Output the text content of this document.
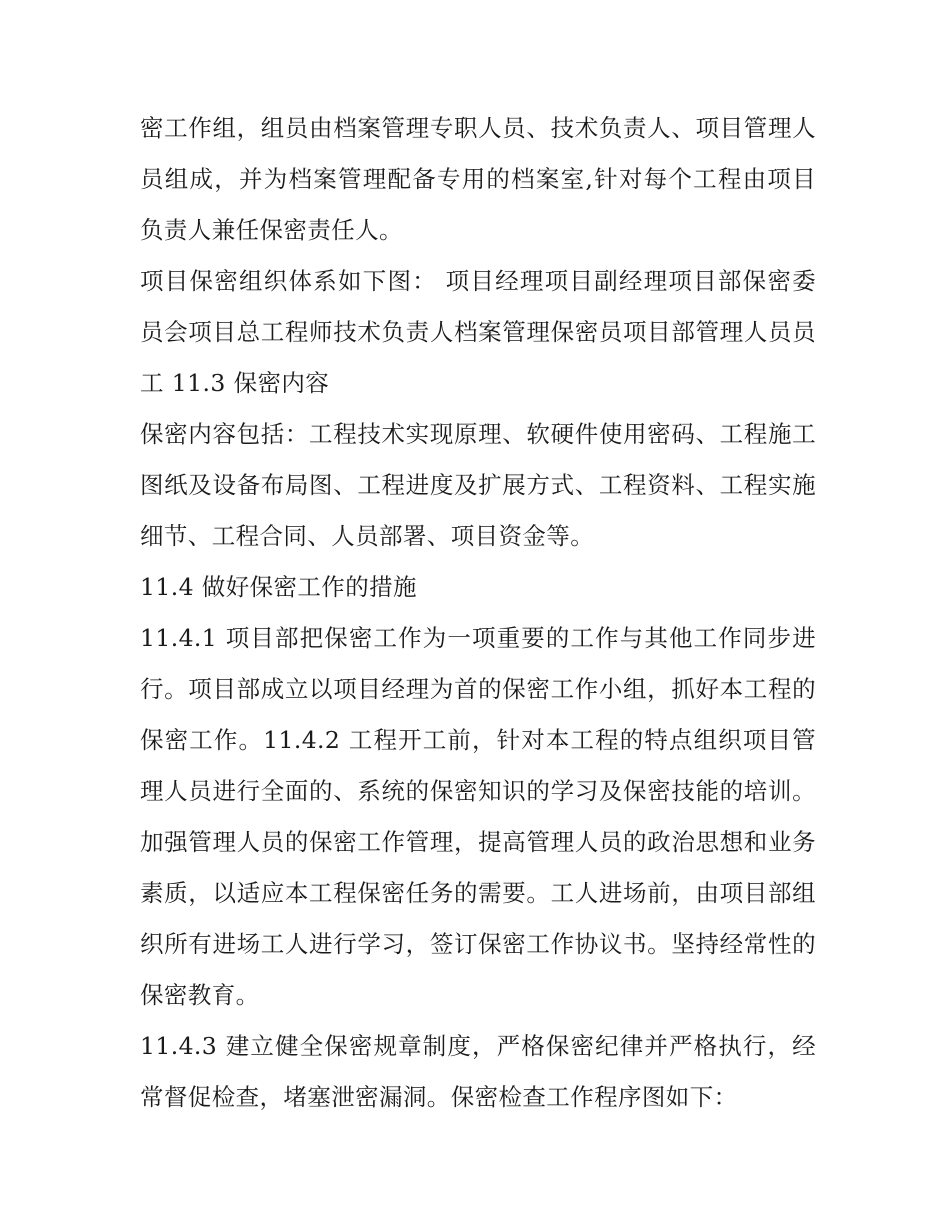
密工作组，组员由档案管理专职人员、技术负责人、项目管理人员组成，并为档案管理配备专用的档案室,针对每个工程由项目负责人兼任保密责任人。

项目保密组织体系如下图： 项目经理项目副经理项目部保密委员会项目总工程师技术负责人档案管理保密员项目部管理人员员工 11.3 保密内容

保密内容包括：工程技术实现原理、软硬件使用密码、工程施工图纸及设备布局图、工程进度及扩展方式、工程资料、工程实施细节、工程合同、人员部署、项目资金等。

11.4 做好保密工作的措施

11.4.1 项目部把保密工作为一项重要的工作与其他工作同步进行。项目部成立以项目经理为首的保密工作小组，抓好本工程的保密工作。11.4.2 工程开工前，针对本工程的特点组织项目管理人员进行全面的、系统的保密知识的学习及保密技能的培训。加强管理人员的保密工作管理，提高管理人员的政治思想和业务素质，以适应本工程保密任务的需要。工人进场前，由项目部组织所有进场工人进行学习，签订保密工作协议书。坚持经常性的保密教育。

11.4.3 建立健全保密规章制度，严格保密纪律并严格执行，经常督促检查，堵塞泄密漏洞。保密检查工作程序图如下：
